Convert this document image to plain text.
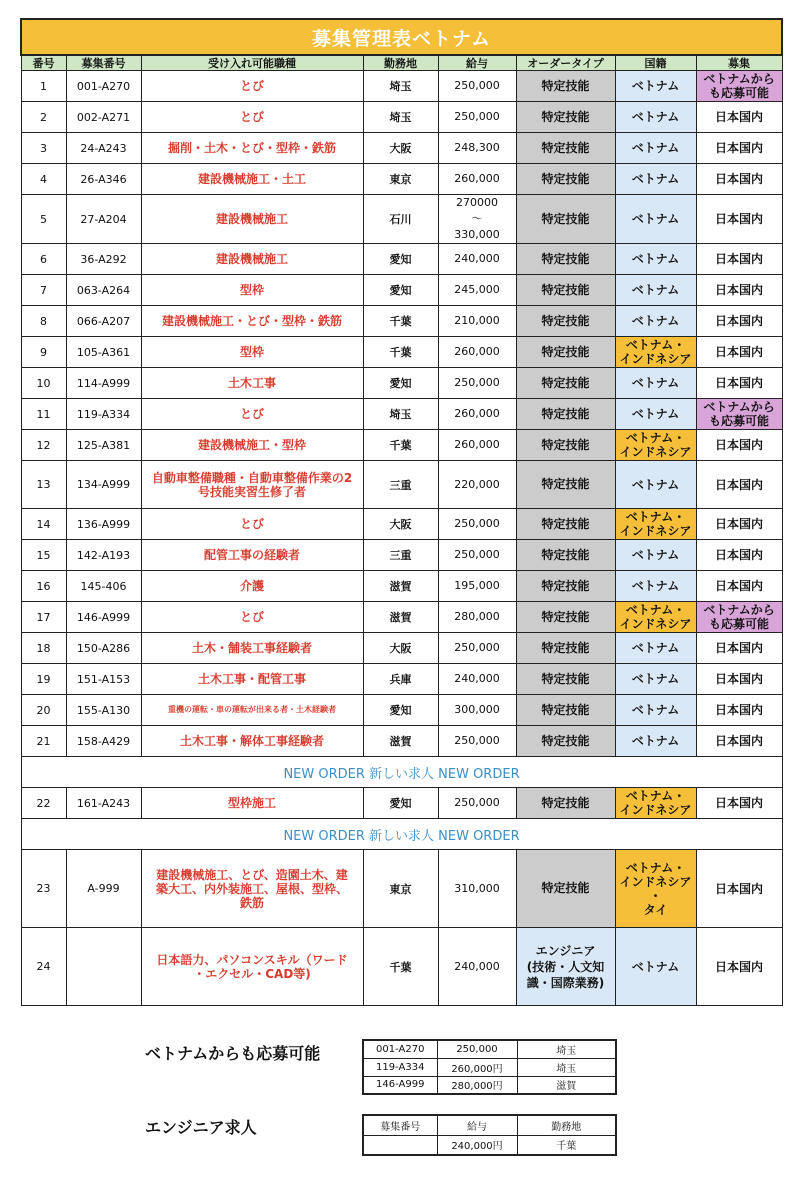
募集管理表ベトナム							
番号	募集番号	受け入れ可能職種	勤務地	給与	オーダータイプ	国籍	募集
1	001-A270	とび	埼玉	250,000	特定技能	ベトナム	ベトナムから
も応募可能
2	002-A271	とび	埼玉	250,000	特定技能	ベトナム	日本国内
3	24-A243	掘削・土木・とび・型枠・鉄筋	大阪	248,300	特定技能	ベトナム	日本国内
4	26-A346	建設機械施工・土工	東京	260,000	特定技能	ベトナム	日本国内
5	27-A204	建設機械施工	石川	270000
～
330,000	特定技能	ベトナム	日本国内
6	36-A292	建設機械施工	愛知	240,000	特定技能	ベトナム	日本国内
7	063-A264	型枠	愛知	245,000	特定技能	ベトナム	日本国内
8	066-A207	建設機械施工・とび・型枠・鉄筋	千葉	210,000	特定技能	ベトナム	日本国内
9	105-A361	型枠	千葉	260,000	特定技能	ベトナム・
インドネシア	日本国内
10	114-A999	土木工事	愛知	250,000	特定技能	ベトナム	日本国内
11	119-A334	とび	埼玉	260,000	特定技能	ベトナム	ベトナムから
も応募可能
12	125-A381	建設機械施工・型枠	千葉	260,000	特定技能	ベトナム・
インドネシア	日本国内
13	134-A999	自動車整備職種・自動車整備作業の2
号技能実習生修了者	三重	220,000	特定技能	ベトナム	日本国内
14	136-A999	とび	大阪	250,000	特定技能	ベトナム・
インドネシア	日本国内
15	142-A193	配管工事の経験者	三重	250,000	特定技能	ベトナム	日本国内
16	145-406	介護	滋賀	195,000	特定技能	ベトナム	日本国内
17	146-A999	とび	滋賀	280,000	特定技能	ベトナム・
インドネシア	ベトナムから
も応募可能
18	150-A286	土木・舗装工事経験者	大阪	250,000	特定技能	ベトナム	日本国内
19	151-A153	土木工事・配管工事	兵庫	240,000	特定技能	ベトナム	日本国内
20	155-A130	重機の運転・車の運転が出来る者・土木経験者	愛知	300,000	特定技能	ベトナム	日本国内
21	158-A429	土木工事・解体工事経験者	滋賀	250,000	特定技能	ベトナム	日本国内
NEW ORDER 新しい求人 NEW ORDER							
22	161-A243	型枠施工	愛知	250,000	特定技能	ベトナム・
インドネシア	日本国内
NEW ORDER 新しい求人 NEW ORDER							
23	A-999	建設機械施工、とび、造園土木、建
築大工、内外装施工、屋根、型枠、
鉄筋	東京	310,000	特定技能	ベトナム・
インドネシア
・
タイ	日本国内
24		日本語力、パソコンスキル（ワード
・エクセル・CAD等)	千葉	240,000	エンジニア
(技術・人文知
識・国際業務)	ベトナム	日本国内
ベトナムからも応募可能	001-A270	250,000	埼玉
119-A334	260,000円	埼玉
146-A999	280,000円	滋賀
エンジニア求人	募集番号	給与	勤務地
	240,000円	千葉
